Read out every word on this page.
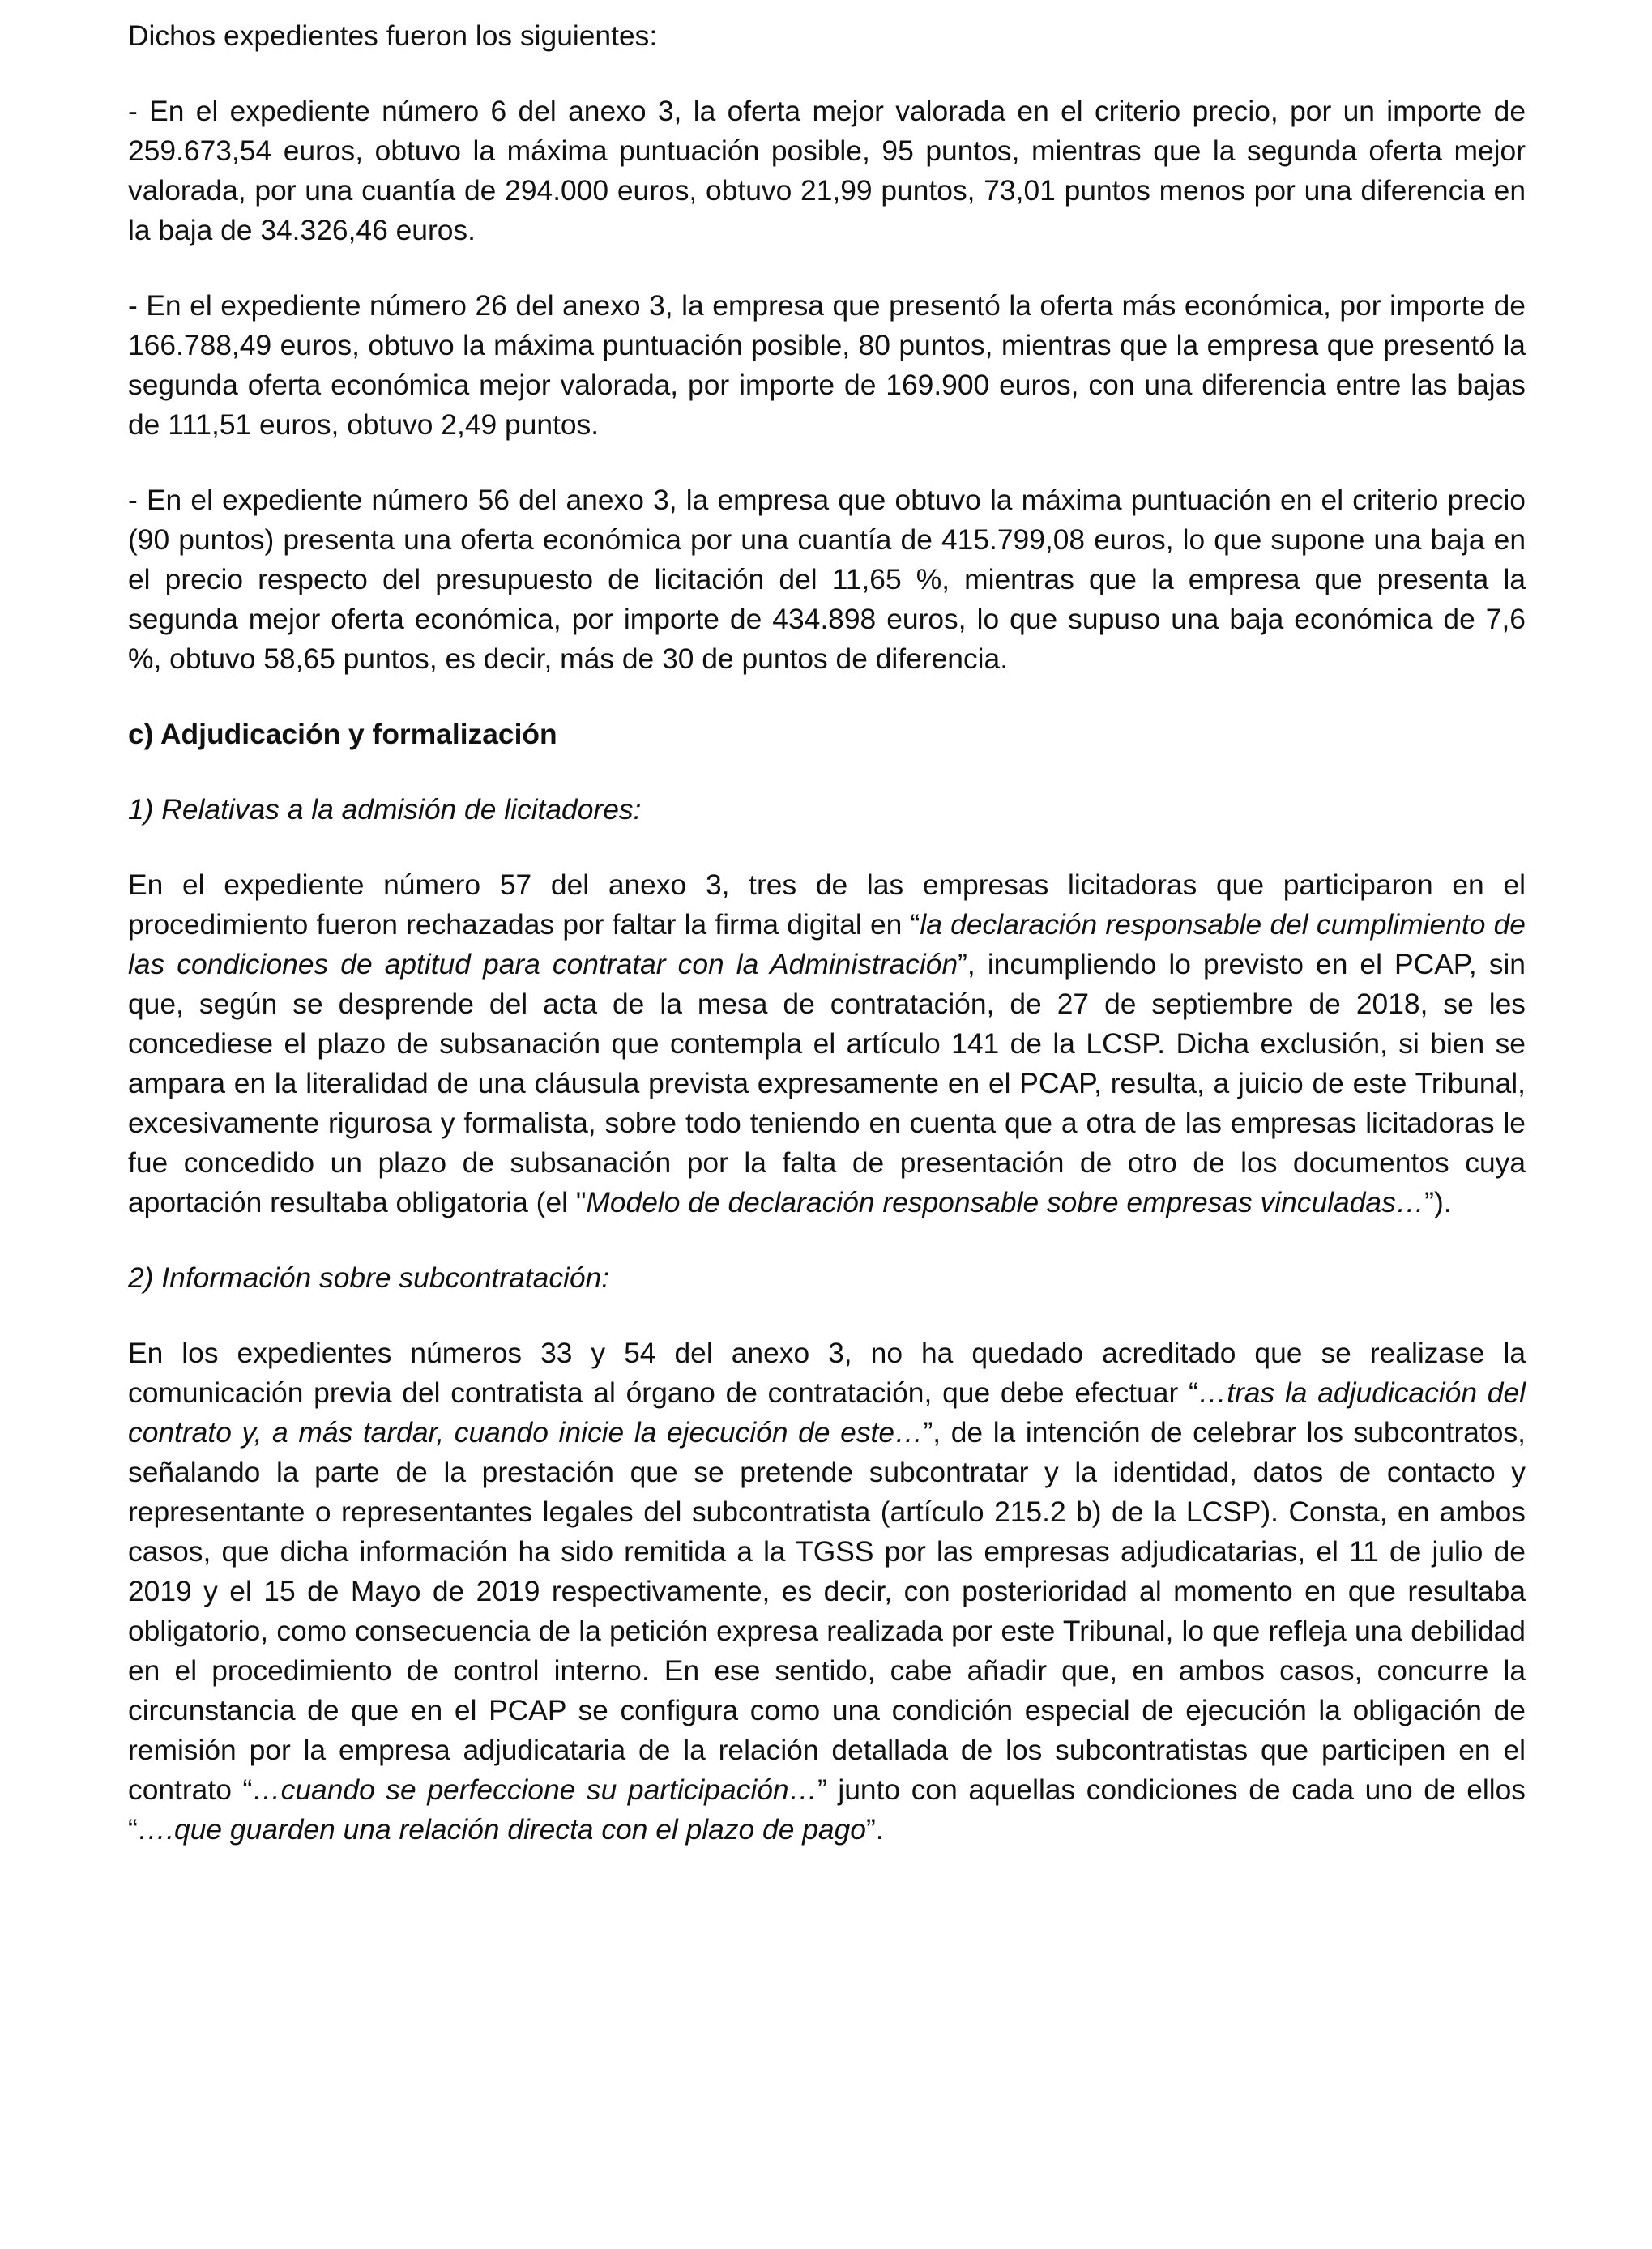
Dichos expedientes fueron los siguientes:

- En el expediente número 6 del anexo 3, la oferta mejor valorada en el criterio precio, por un importe de 259.673,54 euros, obtuvo la máxima puntuación posible, 95 puntos, mientras que la segunda oferta mejor valorada, por una cuantía de 294.000 euros, obtuvo 21,99 puntos, 73,01 puntos menos por una diferencia en la baja de 34.326,46 euros.

- En el expediente número 26 del anexo 3, la empresa que presentó la oferta más económica, por importe de 166.788,49 euros, obtuvo la máxima puntuación posible, 80 puntos, mientras que la empresa que presentó la segunda oferta económica mejor valorada, por importe de 169.900 euros, con una diferencia entre las bajas de 111,51 euros, obtuvo 2,49 puntos.

- En el expediente número 56 del anexo 3, la empresa que obtuvo la máxima puntuación en el criterio precio (90 puntos) presenta una oferta económica por una cuantía de 415.799,08 euros, lo que supone una baja en el precio respecto del presupuesto de licitación del 11,65 %, mientras que la empresa que presenta la segunda mejor oferta económica, por importe de 434.898 euros, lo que supuso una baja económica de 7,6 %, obtuvo 58,65 puntos, es decir, más de 30 de puntos de diferencia.

c) Adjudicación y formalización
1) Relativas a la admisión de licitadores:

En el expediente número 57 del anexo 3, tres de las empresas licitadoras que participaron en el procedimiento fueron rechazadas por faltar la firma digital en “la declaración responsable del cumplimiento de las condiciones de aptitud para contratar con la Administración”, incumpliendo lo previsto en el PCAP, sin que, según se desprende del acta de la mesa de contratación, de 27 de septiembre de 2018, se les concediese el plazo de subsanación que contempla el artículo 141 de la LCSP. Dicha exclusión, si bien se ampara en la literalidad de una cláusula prevista expresamente en el PCAP, resulta, a juicio de este Tribunal, excesivamente rigurosa y formalista, sobre todo teniendo en cuenta que a otra de las empresas licitadoras le fue concedido un plazo de subsanación por la falta de presentación de otro de los documentos cuya aportación resultaba obligatoria (el "Modelo de declaración responsable sobre empresas vinculadas…”).

2) Información sobre subcontratación:

En los expedientes números 33 y 54 del anexo 3, no ha quedado acreditado que se realizase la comunicación previa del contratista al órgano de contratación, que debe efectuar “…tras la adjudicación del contrato y, a más tardar, cuando inicie la ejecución de este…”, de la intención de celebrar los subcontratos, señalando la parte de la prestación que se pretende subcontratar y la identidad, datos de contacto y representante o representantes legales del subcontratista (artículo 215.2 b) de la LCSP). Consta, en ambos casos, que dicha información ha sido remitida a la TGSS por las empresas adjudicatarias, el 11 de julio de 2019 y el 15 de Mayo de 2019 respectivamente, es decir, con posterioridad al momento en que resultaba obligatorio, como consecuencia de la petición expresa realizada por este Tribunal, lo que refleja una debilidad en el procedimiento de control interno. En ese sentido, cabe añadir que, en ambos casos, concurre la circunstancia de que en el PCAP se configura como una condición especial de ejecución la obligación de remisión por la empresa adjudicataria de la relación detallada de los subcontratistas que participen en el contrato “…cuando se perfeccione su participación…” junto con aquellas condiciones de cada uno de ellos “….que guarden una relación directa con el plazo de pago”.
